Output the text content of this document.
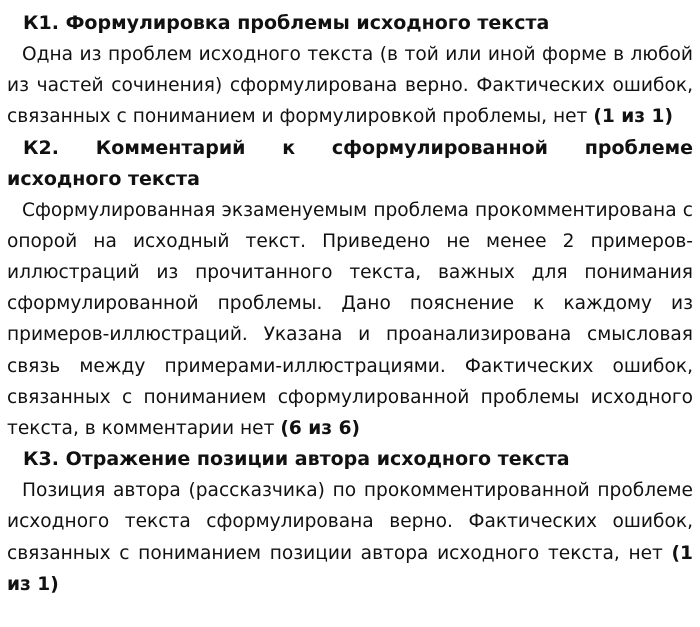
К1. Формулировка проблемы исходного текста

Одна из проблем исходного текста (в той или иной форме в любой из частей сочинения) сформулирована верно. Фактических ошибок, связанных с пониманием и формулировкой проблемы, нет (1 из 1)

К2. Комментарий к сформулированной проблеме исходного текста

Сформулированная экзаменуемым проблема прокомментирована с опорой на исходный текст. Приведено не менее 2 примеров-иллюстраций из прочитанного текста, важных для понимания сформулированной проблемы. Дано пояснение к каждому из примеров-иллюстраций. Указана и проанализирована смысловая связь между примерами-иллюстрациями. Фактических ошибок, связанных с пониманием сформулированной проблемы исходного текста, в комментарии нет (6 из 6)

К3. Отражение позиции автора исходного текста

Позиция автора (рассказчика) по прокомментированной проблеме исходного текста сформулирована верно. Фактических ошибок, связанных с пониманием позиции автора исходного текста, нет (1 из 1)
